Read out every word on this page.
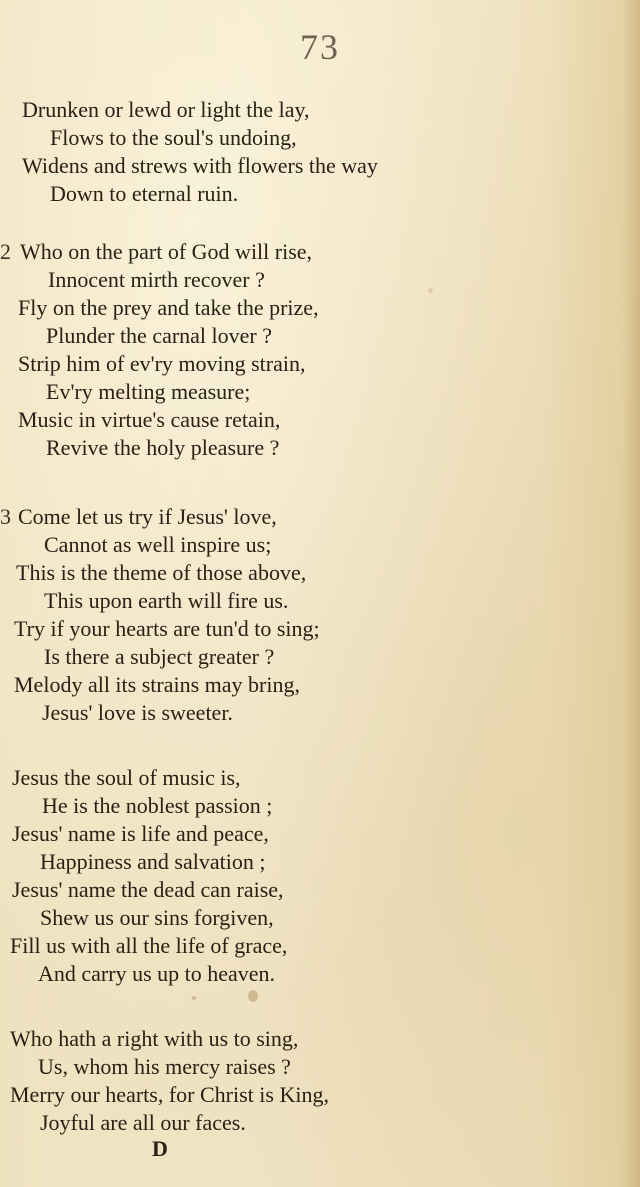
73
Drunken or lewd or light the lay,
Flows to the soul's undoing,
Widens and strews with flowers the way
Down to eternal ruin.
2 Who on the part of God will rise,
Innocent mirth recover ?
Fly on the prey and take the prize,
Plunder the carnal lover ?
Strip him of ev'ry moving strain,
Ev'ry melting measure;
Music in virtue's cause retain,
Revive the holy pleasure ?
3 Come let us try if Jesus' love,
Cannot as well inspire us;
This is the theme of those above,
This upon earth will fire us.
Try if your hearts are tun'd to sing;
Is there a subject greater ?
Melody all its strains may bring,
Jesus' love is sweeter.
Jesus the soul of music is,
He is the noblest passion ;
Jesus' name is life and peace,
Happiness and salvation ;
Jesus' name the dead can raise,
Shew us our sins forgiven,
Fill us with all the life of grace,
And carry us up to heaven.
Who hath a right with us to sing,
Us, whom his mercy raises ?
Merry our hearts, for Christ is King,
Joyful are all our faces.
D
